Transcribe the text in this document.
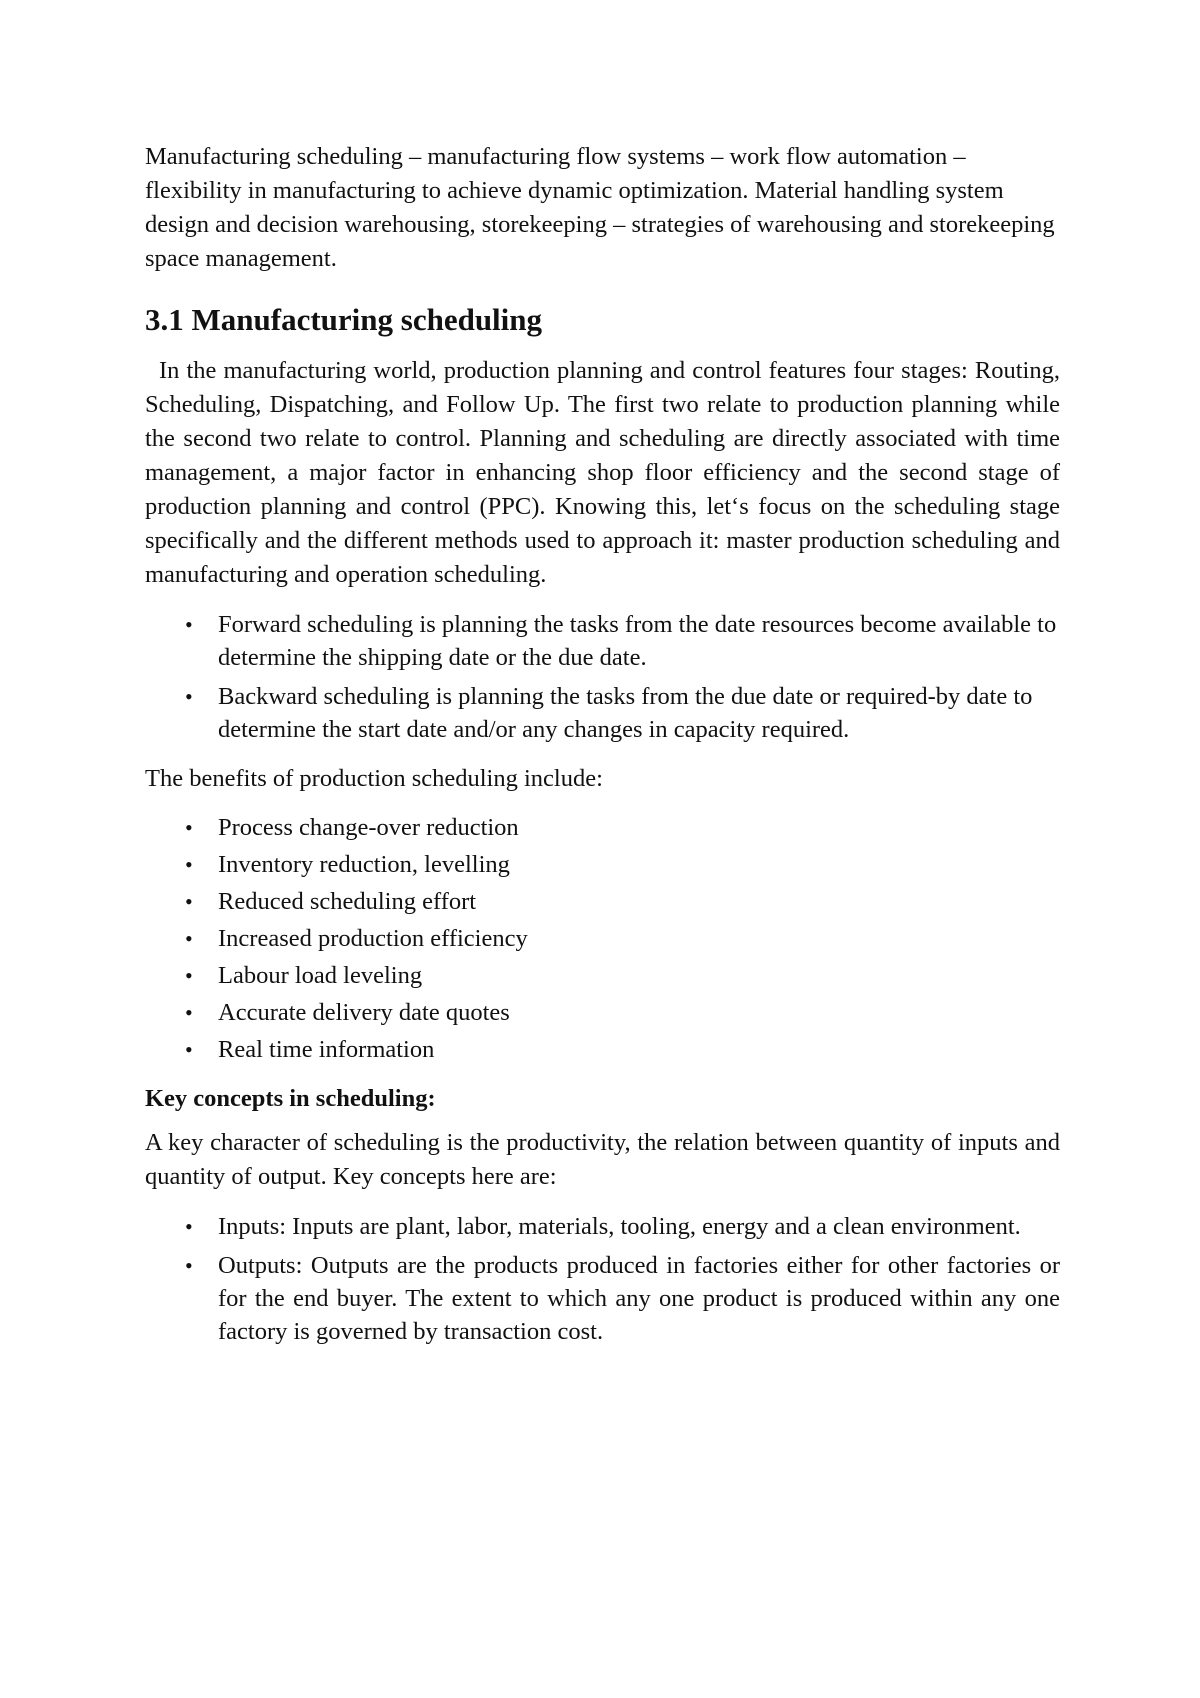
Manufacturing scheduling – manufacturing flow systems – work flow automation – flexibility in manufacturing to achieve dynamic optimization. Material handling system design and decision warehousing, storekeeping – strategies of warehousing and storekeeping space management.

3.1 Manufacturing scheduling

In the manufacturing world, production planning and control features four stages: Routing, Scheduling, Dispatching, and Follow Up. The first two relate to production planning while the second two relate to control. Planning and scheduling are directly associated with time management, a major factor in enhancing shop floor efficiency and the second stage of production planning and control (PPC). Knowing this, let‘s focus on the scheduling stage specifically and the different methods used to approach it: master production scheduling and manufacturing and operation scheduling.

• Forward scheduling is planning the tasks from the date resources become available to determine the shipping date or the due date.
• Backward scheduling is planning the tasks from the due date or required-by date to determine the start date and/or any changes in capacity required.

The benefits of production scheduling include:

• Process change-over reduction
• Inventory reduction, levelling
• Reduced scheduling effort
• Increased production efficiency
• Labour load leveling
• Accurate delivery date quotes
• Real time information
Key concepts in scheduling:

A key character of scheduling is the productivity, the relation between quantity of inputs and quantity of output. Key concepts here are:

• Inputs: Inputs are plant, labor, materials, tooling, energy and a clean environment.
• Outputs: Outputs are the products produced in factories either for other factories or for the end buyer. The extent to which any one product is produced within any one factory is governed by transaction cost.
